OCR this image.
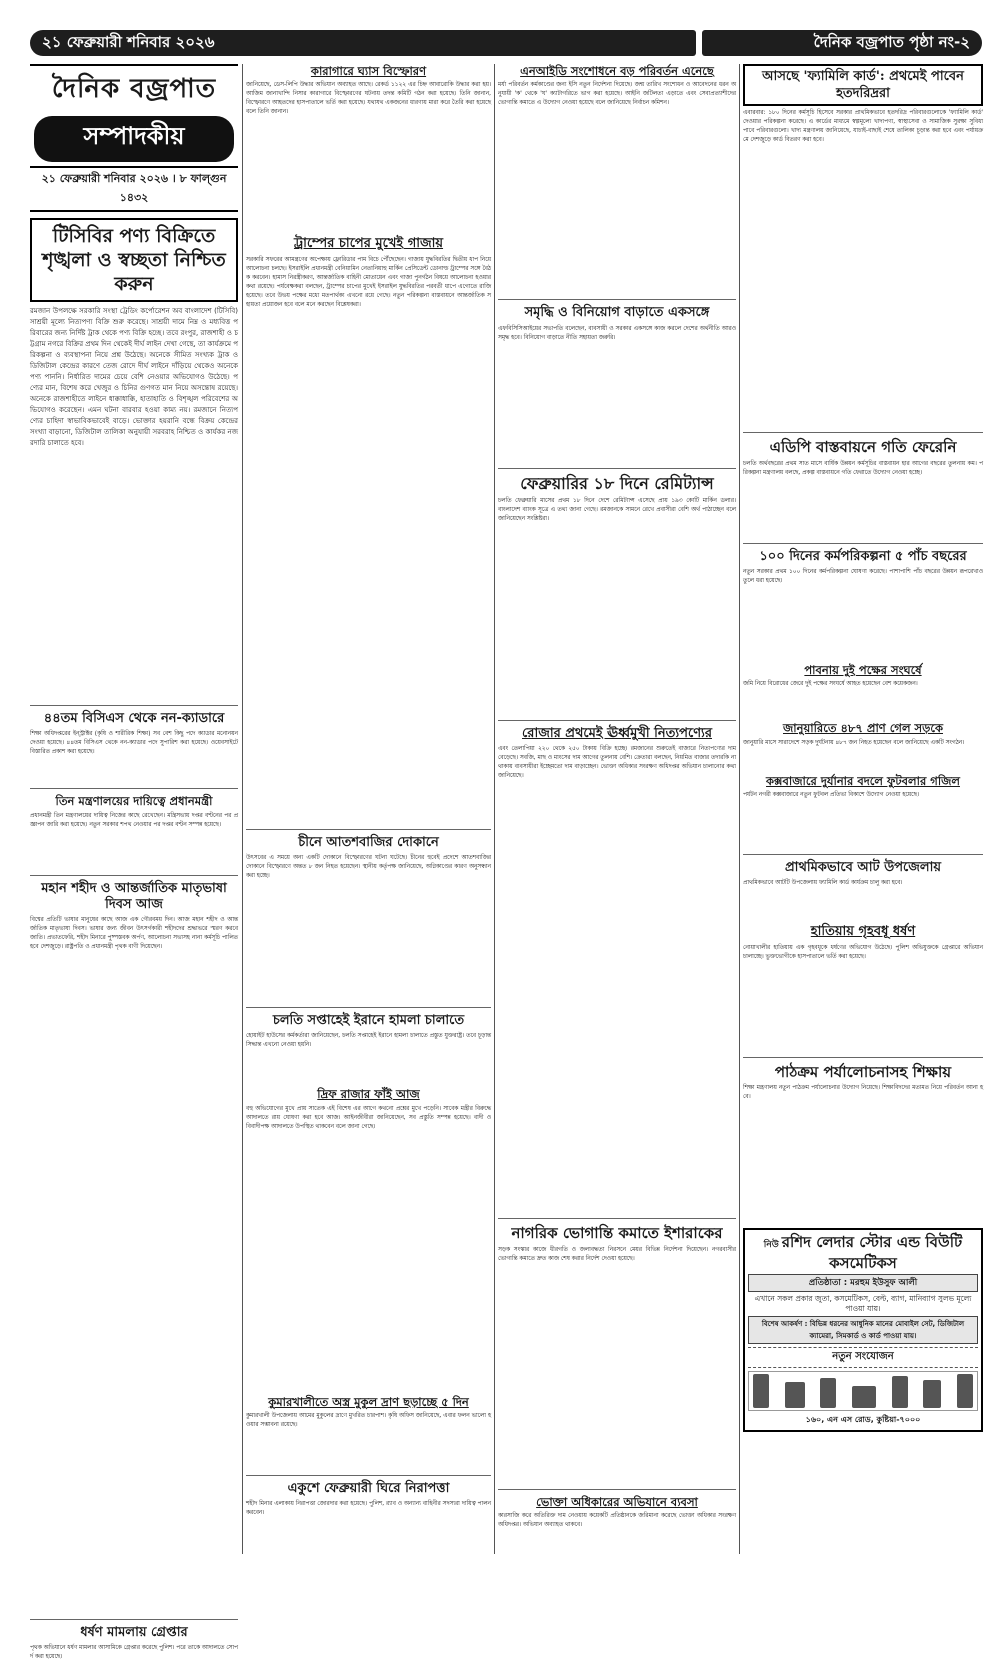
২১ ফেব্রুয়ারী শনিবার ২০২৬	দৈনিক বজ্রপাত পৃষ্ঠা নং-২
দৈনিক বজ্রপাত
সম্পাদকীয়
২১ ফেব্রুয়ারী শনিবার ২০২৬ । ৮ ফাল্গুন ১৪৩২
টিসিবির পণ্য বিক্রিতে শৃঙ্খলা ও স্বচ্ছতা নিশ্চিত করুন
রমজান উপলক্ষে সরকারি সংস্থা ট্রেডিং কর্পোরেশন অব বাংলাদেশ (টিসিবি) সাশ্রয়ী মূল্যে নিত্যপণ্য বিক্রি শুরু করেছে। সাশ্রয়ী দামে নিম্ন ও মধ্যবিত্ত পরিবারের জন্য নির্দিষ্ট ট্রাক থেকে পণ্য বিক্রি হচ্ছে। তবে রংপুর, রাজশাহী ও চট্টগ্রাম নগরে বিক্রির প্রথম দিন থেকেই দীর্ঘ লাইন দেখা গেছে, তা কার্যক্রমে পরিকল্পনা ও ব্যবস্থাপনা নিয়ে প্রশ্ন উঠেছে। অনেকে সীমিত সংখ্যক ট্রাক ও ডিজিটাল কেন্দ্রের কারণে তেজ রোদে দীর্ঘ লাইনে দাঁড়িয়ে থেকেও অনেকে পণ্য পাননি। নির্ধারিত দামের চেয়ে বেশি নেওয়ার অভিযোগও উঠেছে। পণ্যের মান, বিশেষ করে খেজুর ও চিনির গুণগত মান নিয়ে অসন্তোষ রয়েছে। অনেকে রাজশাহীতে লাইনে ধাক্কাধাক্কি, হাতাহাতি ও বিশৃঙ্খল পরিবেশের অভিযোগও করেছেন। এমন ঘটনা বারবার হওয়া কাম্য নয়। রমজানে নিত্যপণ্যের চাহিদা স্বাভাবিকভাবেই বাড়ে। ভোক্তার হয়রানি বন্ধে বিক্রয় কেন্দ্রের সংখ্যা বাড়ানো, ডিজিটাল তালিকা অনুযায়ী সরবরাহ নিশ্চিত ও কার্যকর নজরদারি চালাতে হবে।
৪৪তম বিসিএস থেকে নন-ক্যাডারে
শিক্ষা অধিদপ্তরের ইন্স্ট্রাক্টর (কৃষি ও শারীরিক শিক্ষা) সব বেশ কিছু পদে ক্যাডার মনোনয়ন দেওয়া হয়েছে। ৪৪তম বিসিএস থেকে নন-ক্যাডার পদে সুপারিশ করা হয়েছে। ওয়েবসাইটে বিস্তারিত প্রকাশ করা হয়েছে।
তিন মন্ত্রণালয়ের দায়িত্বে প্রধানমন্ত্রী
প্রধানমন্ত্রী তিন মন্ত্রণালয়ের দায়িত্ব নিজের কাছে রেখেছেন। মন্ত্রিসভায় দপ্তর বণ্টনের পর প্রজ্ঞাপন জারি করা হয়েছে। নতুন সরকার শপথ নেওয়ার পর দপ্তর বণ্টন সম্পন্ন হয়েছে।
মহান শহীদ ও আন্তর্জাতিক মাতৃভাষা দিবস আজ
বিশ্বের প্রতিটি ভাষার মানুষের কাছে আজ এক গৌরবময় দিন। আজ মহান শহীদ ও আন্তর্জাতিক মাতৃভাষা দিবস। ভাষার জন্য জীবন উৎসর্গকারী শহীদদের শ্রদ্ধাভরে স্মরণ করবে জাতি। প্রভাতফেরি, শহীদ মিনারে পুষ্পস্তবক অর্পণ, আলোচনা সভাসহ নানা কর্মসূচি পালিত হবে দেশজুড়ে। রাষ্ট্রপতি ও প্রধানমন্ত্রী পৃথক বাণী দিয়েছেন।
ধর্ষণ মামলায় গ্রেপ্তার
পৃথক অভিযানে ধর্ষণ মামলার আসামিকে গ্রেপ্তার করেছে পুলিশ। পরে তাকে আদালতে সোপর্দ করা হয়েছে।
কারাগারে ঘ্যাস বিস্ফোরণ
জানিয়েছে, ডেস-লিপি উদ্ধার অভিযান অব্যাহত আছে। রেকর্ড ১১২২ এর চিহ্ন আবারোকি উদ্ধার করা হয়। আজিম জানাখান্দি নিসার কারাগারে বিস্ফোরণের ঘটনায় তদন্ত কমিটি গঠন করা হয়েছে। তিনি জানান, বিস্ফোরণে আহতদের হাসপাতালে ভর্তি করা হয়েছে। যথাযথ একজনের ধারণায় মারা করে তৈরি করা হয়েছে বলে তিনি জানান।
ট্রাম্পের চাপের মুখেই গাজায়
সরকারি সফরের আমন্ত্রণের অপেক্ষায় ফ্লোরিডার পাম বিচে পৌঁছেছেন। গাজায় যুদ্ধবিরতির দ্বিতীয় ধাপ নিয়ে আলোচনা চলছে। ইসরাইলি প্রধানমন্ত্রী বেনিয়ামিন নেতানিয়াহু মার্কিন প্রেসিডেন্ট ডোনাল্ড ট্রাম্পের সঙ্গে বৈঠক করবেন। হামাস নিরস্ত্রীকরণ, আন্তর্জাতিক বাহিনী মোতায়েন এবং গাজা পুনর্গঠন বিষয়ে আলোচনা হওয়ার কথা রয়েছে। পর্যবেক্ষকরা বলছেন, ট্রাম্পের চাপের মুখেই ইসরাইল যুদ্ধবিরতির পরবর্তী ধাপে এগোতে রাজি হয়েছে। তবে উভয় পক্ষের মধ্যে মতপার্থক্য এখনো রয়ে গেছে। নতুন পরিকল্পনা বাস্তবায়নে আন্তর্জাতিক সহায়তা প্রয়োজন হবে বলে মনে করছেন বিশ্লেষকরা।
চীনে আতশবাজির দোকানে
উৎসবের এ সময়ে অন্য একটি দোকানে বিস্ফোরণের ঘটনা ঘটেছে। চীনের হুবেই প্রদেশে আতশবাজির দোকানে বিস্ফোরণে অন্তত ৮ জন নিহত হয়েছেন। স্থানীয় কর্তৃপক্ষ জানিয়েছে, অগ্নিকাণ্ডের কারণ অনুসন্ধান করা হচ্ছে।
চলতি সপ্তাহেই ইরানে হামলা চালাতে
হোয়াইট হাউসের কর্মকর্তারা জানিয়েছেন, চলতি সপ্তাহেই ইরানে হামলা চালাতে প্রস্তুত যুক্তরাষ্ট্র। তবে চূড়ান্ত সিদ্ধান্ত এখনো নেওয়া হয়নি।
দ্রিফ রাজার ফাঁই আজ
বহু অভিযোগের মুখে প্রায় সাতেক এই বিশেষ এর আগে কথনো প্রশ্নের মুখে পড়েনি। সাবেক মন্ত্রীর বিরুদ্ধে আদালতে রায় ঘোষণা করা হবে আজ। আইনজীবীরা জানিয়েছেন, সব প্রস্তুতি সম্পন্ন হয়েছে। বাদী ও বিবাদীপক্ষ আদালতে উপস্থিত থাকবেন বলে জানা গেছে।
কুমারখালীতে অস্ত্র মুকুল দ্রাণ ছড়াচ্ছে ৫ দিন
কুমারখালী উপজেলায় আমের মুকুলের দ্রাণে মুখরিত চারপাশ। কৃষি অফিস জানিয়েছে, এবার ফলন ভালো হওয়ার সম্ভাবনা রয়েছে।
একুশে ফেব্রুয়ারী ঘিরে নিরাপত্তা
শহীদ মিনার এলাকায় নিরাপত্তা জোরদার করা হয়েছে। পুলিশ, র‌্যাব ও অন্যান্য বাহিনীর সদস্যরা দায়িত্ব পালন করবেন।
এনআইডি সংশোধনে বড় পরিবর্তন এনেছে
মর্যা পরিবর্তন কর্মকাণ্ডের জন্য ইসি নতুন নির্দেশনা দিয়েছে। জন্ম তারিখ সংশোধন ও আবেদনের ধরন অনুযায়ী 'ক' থেকে 'ঘ' ক্যাটাগরিতে ভাগ করা হয়েছে। আইনি জটিলতা এড়াতে এবং সেবাপ্রত্যাশীদের ভোগান্তি কমাতে এ উদ্যোগ নেওয়া হয়েছে বলে জানিয়েছে নির্বাচন কমিশন।
সমৃদ্ধি ও বিনিয়োগ বাড়াতে একসঙ্গে
এফবিসিসিআইয়ের সভাপতি বলেছেন, ব্যবসায়ী ও সরকার একসঙ্গে কাজ করলে দেশের অর্থনীতি আরও সমৃদ্ধ হবে। বিনিয়োগ বাড়াতে নীতি সহায়তা জরুরি।
ফেব্রুয়ারির ১৮ দিনে রেমিট্যান্স
চলতি ফেব্রুয়ারি মাসের প্রথম ১৮ দিনে দেশে রেমিট্যান্স এসেছে প্রায় ১৯৩ কোটি মার্কিন ডলার। বাংলাদেশ ব্যাংক সূত্রে এ তথ্য জানা গেছে। রমজানকে সামনে রেখে প্রবাসীরা বেশি অর্থ পাঠাচ্ছেন বলে জানিয়েছেন সংশ্লিষ্টরা।
রোজার প্রথমেই ঊর্ধ্বমুখী নিত্যপণ্যের
এবং তেলাপিয়া ২২০ থেকে ২৫০ টাকায় বিক্রি হচ্ছে। রমজানের শুরুতেই বাজারে নিত্যপণ্যের দাম বেড়েছে। সবজি, মাছ ও মাংসের দাম আগের তুলনায় বেশি। ক্রেতারা বলছেন, নিয়মিত বাজার তদারকি না থাকায় ব্যবসায়ীরা ইচ্ছেমতো দাম বাড়াচ্ছেন। ভোক্তা অধিকার সংরক্ষণ অধিদপ্তর অভিযান চালানোর কথা জানিয়েছে।
নাগরিক ভোগান্তি কমাতে ইশারাকের
সড়ক সংস্কার কাজে ধীরগতি ও জলাবদ্ধতা নিরসনে মেয়র বিভিন্ন নির্দেশনা দিয়েছেন। নগরবাসীর ভোগান্তি কমাতে দ্রুত কাজ শেষ করার নির্দেশ দেওয়া হয়েছে।
ভোক্তা অধিকারের অভিযানে ব্যবসা
কারসাজি করে অতিরিক্ত দাম নেওয়ায় কয়েকটি প্রতিষ্ঠানকে জরিমানা করেছে ভোক্তা অধিকার সংরক্ষণ অধিদপ্তর। অভিযান অব্যাহত থাকবে।
আসছে 'ফ্যামিলি কার্ড': প্রথমেই পাবেন হতদরিদ্ররা
এবারবার: ১৮০ দিনের কর্মসূচি হিসেবে সরকার প্রাথমিকভাবে হতদরিদ্র পরিবারগুলোকে 'ফ্যামিলি কার্ড' দেওয়ার পরিকল্পনা করেছে। এ কার্ডের মাধ্যমে স্বল্পমূল্যে খাদ্যপণ্য, স্বাস্থ্যসেবা ও সামাজিক সুরক্ষা সুবিধা পাবে পরিবারগুলো। খাদ্য মন্ত্রণালয় জানিয়েছে, যাচাই-বাছাই শেষে তালিকা চূড়ান্ত করা হবে এবং পর্যায়ক্রমে দেশজুড়ে কার্ড বিতরণ করা হবে।
এডিপি বাস্তবায়নে গতি ফেরেনি
চলতি অর্থবছরের প্রথম সাত মাসে বার্ষিক উন্নয়ন কর্মসূচির বাস্তবায়ন হার আগের বছরের তুলনায় কম। পরিকল্পনা মন্ত্রণালয় বলছে, প্রকল্প বাস্তবায়নে গতি ফেরাতে উদ্যোগ নেওয়া হচ্ছে।
১০০ দিনের কর্মপরিকল্পনা ৫ পাঁচ বছরের
নতুন সরকার প্রথম ১০০ দিনের কর্মপরিকল্পনা ঘোষণা করেছে। পাশাপাশি পাঁচ বছরের উন্নয়ন রূপরেখাও তুলে ধরা হয়েছে।
পাবনায় দুই পক্ষের সংঘর্ষে
জমি নিয়ে বিরোধের জেরে দুই পক্ষের সংঘর্ষে আহত হয়েছেন বেশ কয়েকজন।
জানুয়ারিতে ৪৮৭ প্রাণ গেল সড়কে
জানুয়ারি মাসে সারাদেশে সড়ক দুর্ঘটনায় ৪৮৭ জন নিহত হয়েছেন বলে জানিয়েছে একটি সংগঠন।
কক্সবাজারে দুর্যানার বদলে ফুটবলার গজিল
পর্যটন নগরী কক্সবাজারে নতুন ফুটবল প্রতিভা বিকাশে উদ্যোগ নেওয়া হয়েছে।
প্রাথমিকভাবে আট উপজেলায়
প্রাথমিকভাবে আটটি উপজেলায় ফ্যামিলি কার্ড কার্যক্রম চালু করা হবে।
হাতিয়ায় গৃহবধূ ধর্ষণ
নোয়াখালীর হাতিয়ায় এক গৃহবধূকে ধর্ষণের অভিযোগ উঠেছে। পুলিশ অভিযুক্তকে গ্রেপ্তারে অভিযান চালাচ্ছে। ভুক্তভোগীকে হাসপাতালে ভর্তি করা হয়েছে।
পাঠক্রম পর্যালোচনাসহ শিক্ষায়
শিক্ষা মন্ত্রণালয় নতুন পাঠক্রম পর্যালোচনার উদ্যোগ নিয়েছে। শিক্ষাবিদদের মতামত নিয়ে পরিবর্তন আনা হবে।
নিউ রশিদ লেদার স্টোর এন্ড বিউটি কসমেটিকস
প্রতিষ্ঠাতা : মরহুম ইউসুফ আলী
এখানে সকল প্রকার জুতা, কসমেটিকস, বেল্ট, ব্যাগ, মানিব্যাগ সুলভ মূল্যে পাওয়া যায়।
বিশেষ আকর্ষণ : বিভিন্ন ধরনের আধুনিক মানের মোবাইল সেট, ডিজিটাল ক্যামেরা, সিমকার্ড ও কার্ড পাওয়া যায়।
নতুন সংযোজন
১৬০, এন এস রোড, কুষ্টিয়া-৭০০০
